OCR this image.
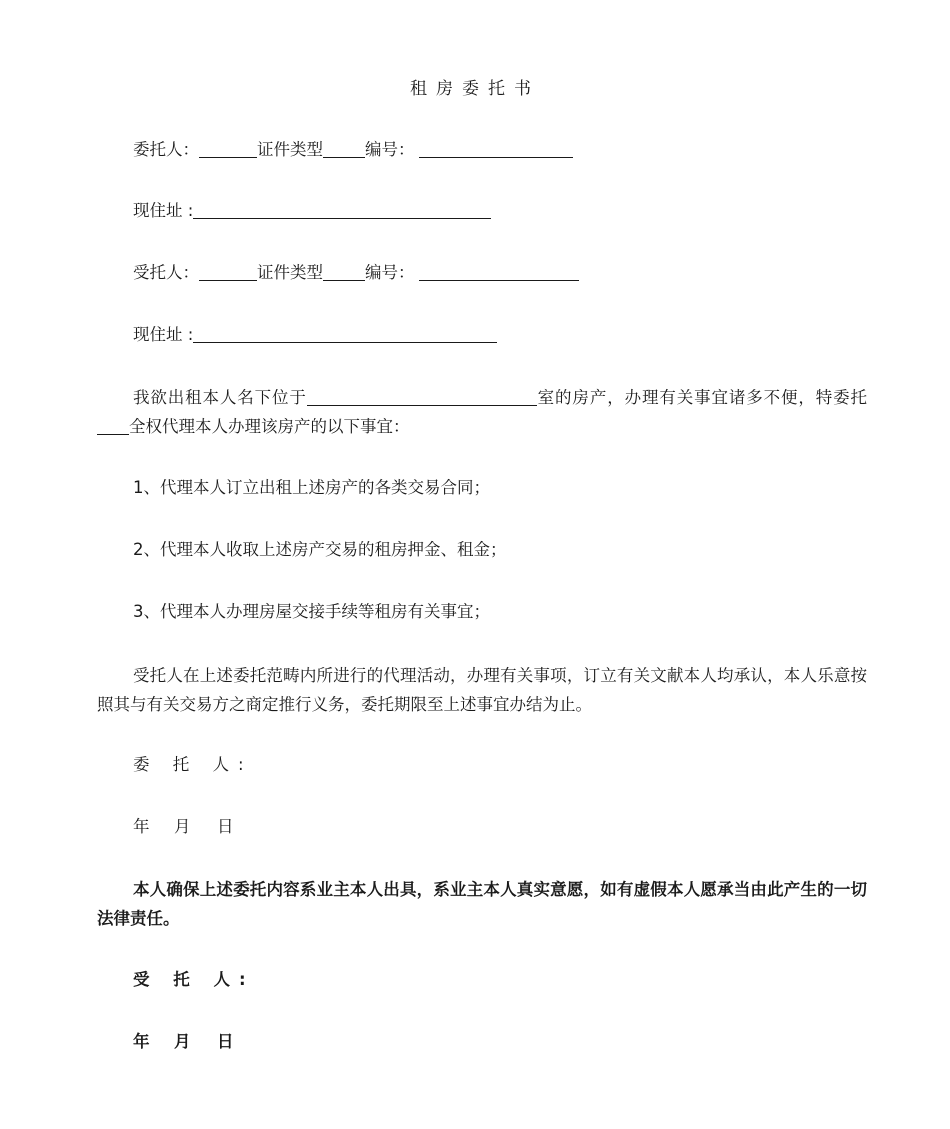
租房委托书
委托人：	证件类型	编号：
现住址 :
受托人：	证件类型	编号：
现住址 :
我欲出租本人名下位于	室的房产，办理有关事宜诸多不便，特委托 全权代理本人办理该房产的以下事宜：
1、代理本人订立出租上述房产的各类交易合同；
2、代理本人收取上述房产交易的租房押金、租金；
3、代理本人办理房屋交接手续等租房有关事宜；
受托人在上述委托范畴内所进行的代理活动，办理有关事项，订立有关文献本人均承认，本人乐意按照其与有关交易方之商定推行义务，委托期限至上述事宜办结为止。
委 托 人:
年 月 日
本人确保上述委托内容系业主本人出具，系业主本人真实意愿，如有虚假本人愿承当由此产生的一切法律责任。
受 托 人:
年 月 日
